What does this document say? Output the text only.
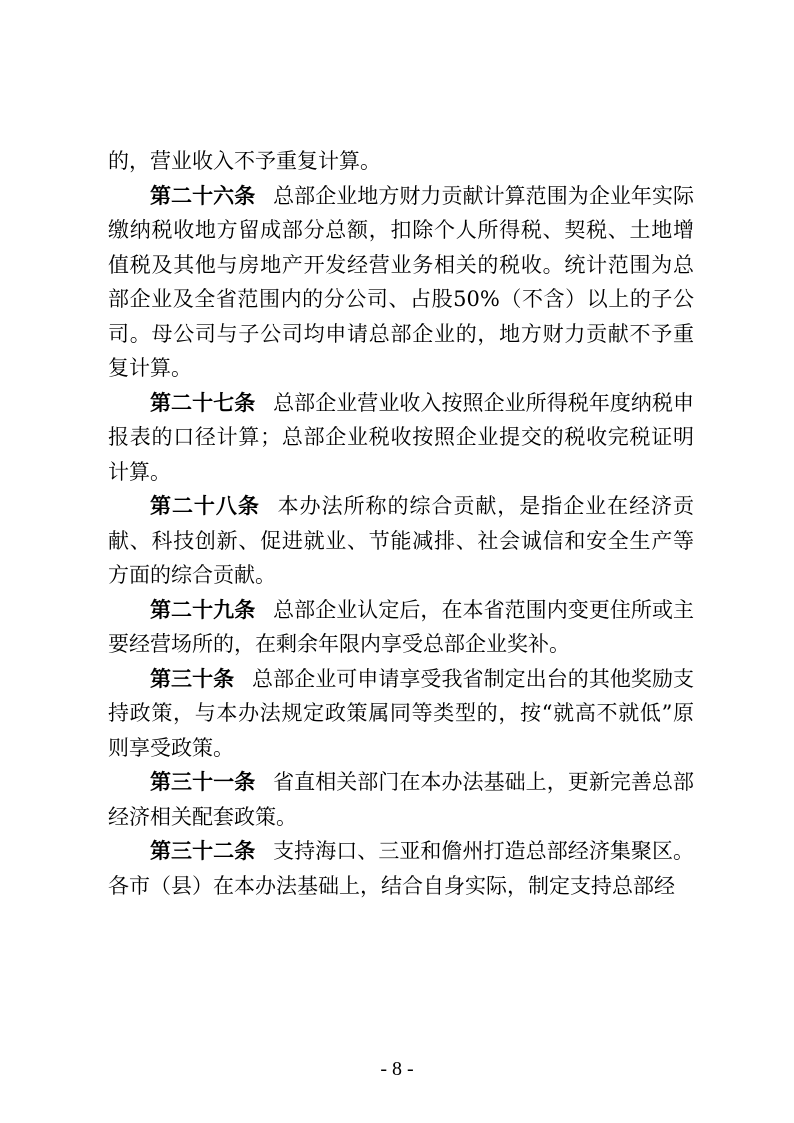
的，营业收入不予重复计算。

第二十六条 总部企业地方财力贡献计算范围为企业年实际缴纳税收地方留成部分总额，扣除个人所得税、契税、土地增值税及其他与房地产开发经营业务相关的税收。统计范围为总部企业及全省范围内的分公司、占股50%（不含）以上的子公司。母公司与子公司均申请总部企业的，地方财力贡献不予重复计算。

第二十七条 总部企业营业收入按照企业所得税年度纳税申报表的口径计算；总部企业税收按照企业提交的税收完税证明计算。

第二十八条 本办法所称的综合贡献，是指企业在经济贡献、科技创新、促进就业、节能减排、社会诚信和安全生产等方面的综合贡献。

第二十九条 总部企业认定后，在本省范围内变更住所或主要经营场所的，在剩余年限内享受总部企业奖补。

第三十条 总部企业可申请享受我省制定出台的其他奖励支持政策，与本办法规定政策属同等类型的，按“就高不就低”原则享受政策。

第三十一条 省直相关部门在本办法基础上，更新完善总部经济相关配套政策。

第三十二条 支持海口、三亚和儋州打造总部经济集聚区。各市（县）在本办法基础上，结合自身实际，制定支持总部经

- 8 -
